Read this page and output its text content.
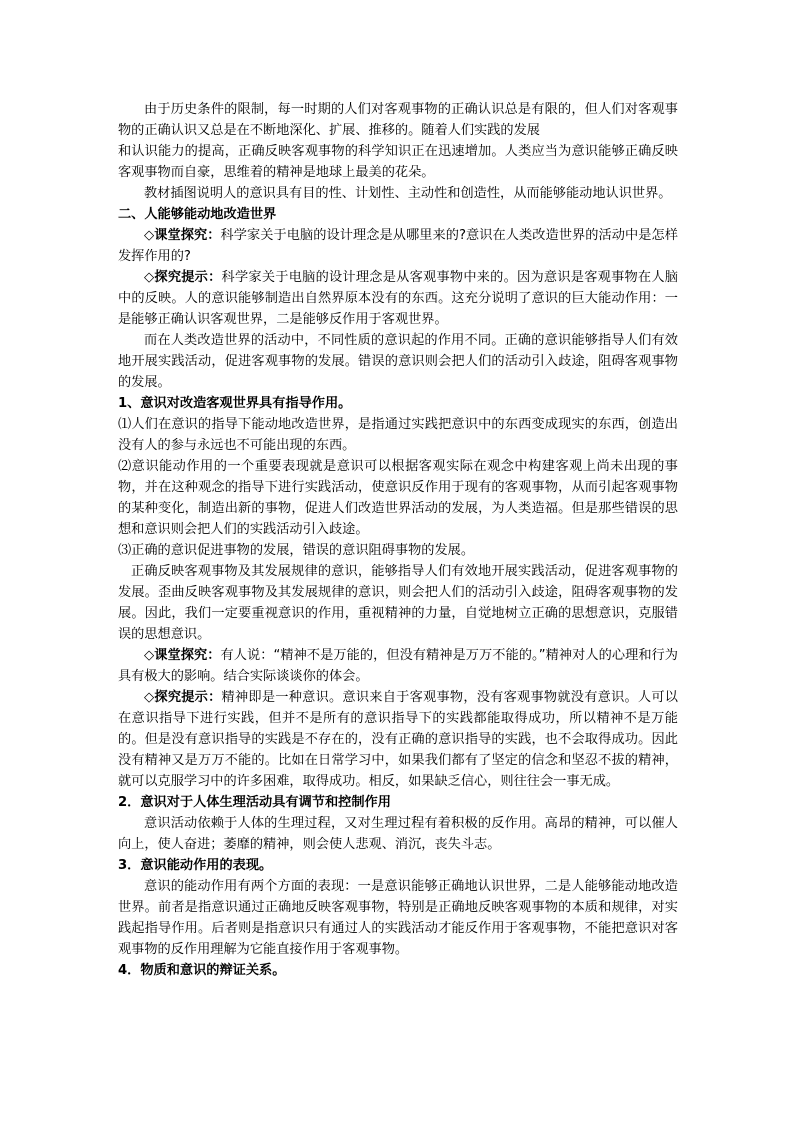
由于历史条件的限制，每一时期的人们对客观事物的正确认识总是有限的，但人们对客观事物的正确认识又总是在不断地深化、扩展、推移的。随着人们实践的发展

和认识能力的提高，正确反映客观事物的科学知识正在迅速增加。人类应当为意识能够正确反映客观事物而自豪，思维着的精神是地球上最美的花朵。

教材插图说明人的意识具有目的性、计划性、主动性和创造性，从而能够能动地认识世界。

二、人能够能动地改造世界

◇课堂探究：科学家关于电脑的设计理念是从哪里来的?意识在人类改造世界的活动中是怎样发挥作用的?

◇探究提示：科学家关于电脑的设计理念是从客观事物中来的。因为意识是客观事物在人脑中的反映。人的意识能够制造出自然界原本没有的东西。这充分说明了意识的巨大能动作用：一是能够正确认识客观世界，二是能够反作用于客观世界。

而在人类改造世界的活动中，不同性质的意识起的作用不同。正确的意识能够指导人们有效地开展实践活动，促进客观事物的发展。错误的意识则会把人们的活动引入歧途，阻碍客观事物的发展。

1、意识对改造客观世界具有指导作用。

⑴人们在意识的指导下能动地改造世界，是指通过实践把意识中的东西变成现实的东西，创造出没有人的参与永远也不可能出现的东西。

⑵意识能动作用的一个重要表现就是意识可以根据客观实际在观念中构建客观上尚未出现的事物，并在这种观念的指导下进行实践活动，使意识反作用于现有的客观事物，从而引起客观事物的某种变化，制造出新的事物，促进人们改造世界活动的发展，为人类造福。但是那些错误的思想和意识则会把人们的实践活动引入歧途。

⑶正确的意识促进事物的发展，错误的意识阻碍事物的发展。

正确反映客观事物及其发展规律的意识，能够指导人们有效地开展实践活动，促进客观事物的发展。歪曲反映客观事物及其发展规律的意识，则会把人们的活动引入歧途，阻碍客观事物的发展。因此，我们一定要重视意识的作用，重视精神的力量，自觉地树立正确的思想意识，克服错误的思想意识。

◇课堂探究：有人说：“精神不是万能的，但没有精神是万万不能的。”精神对人的心理和行为具有极大的影响。结合实际谈谈你的体会。

◇探究提示：精神即是一种意识。意识来自于客观事物，没有客观事物就没有意识。人可以在意识指导下进行实践，但并不是所有的意识指导下的实践都能取得成功，所以精神不是万能的。但是没有意识指导的实践是不存在的，没有正确的意识指导的实践，也不会取得成功。因此没有精神又是万万不能的。比如在日常学习中，如果我们都有了坚定的信念和坚忍不拔的精神，就可以克服学习中的许多困难，取得成功。相反，如果缺乏信心，则往往会一事无成。

2．意识对于人体生理活动具有调节和控制作用

意识活动依赖于人体的生理过程，又对生理过程有着积极的反作用。高昂的精神，可以催人向上，使人奋进；萎靡的精神，则会使人悲观、消沉，丧失斗志。

3．意识能动作用的表现。

意识的能动作用有两个方面的表现：一是意识能够正确地认识世界，二是人能够能动地改造世界。前者是指意识通过正确地反映客观事物，特别是正确地反映客观事物的本质和规律，对实践起指导作用。后者则是指意识只有通过人的实践活动才能反作用于客观事物，不能把意识对客观事物的反作用理解为它能直接作用于客观事物。

4．物质和意识的辩证关系。
